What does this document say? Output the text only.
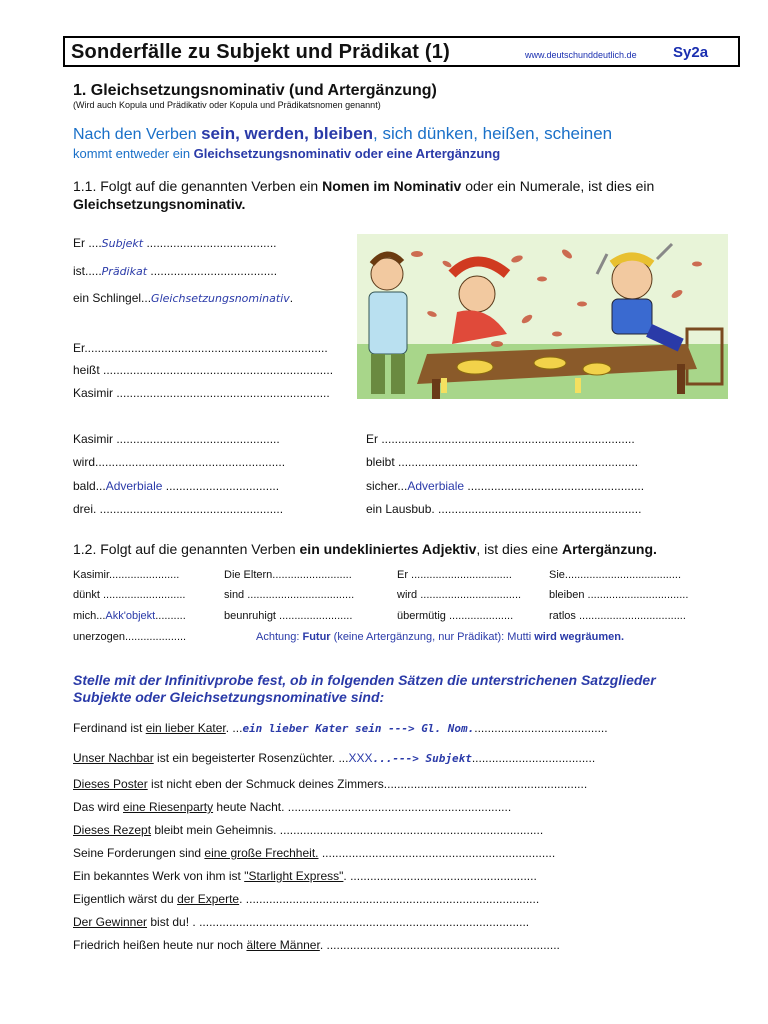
Sonderfälle zu Subjekt und Prädikat (1)	www.deutschunddeutlich.de Sy2a
1. Gleichsetzungsnominativ (und Artergänzung)
(Wird auch Kopula und Prädikativ oder Kopula und Prädikatsnomen genannt)
Nach den Verben sein, werden, bleiben, sich dünken, heißen, scheinen
kommt entweder ein Gleichsetzungsnominativ oder eine Artergänzung
1.1. Folgt auf die genannten Verben ein Nomen im Nominativ oder ein Numerale, ist dies ein
Gleichsetzungsnominativ.
Er ....Subjekt .......................................
ist.....Prädikat ......................................
ein Schlingel...Gleichsetzungsnominativ.
Er.........................................................................
heißt .....................................................................
Kasimir ................................................................
Kasimir .................................................
wird.........................................................
bald...Adverbiale ..................................
drei. .......................................................
Er ............................................................................
bleibt ........................................................................
sicher...Adverbiale .....................................................
ein Lausbub. .............................................................
1.2. Folgt auf die genannten Verben ein undekliniertes Adjektiv, ist dies eine Artergänzung.
Kasimir.......................
dünkt ...........................
mich...Akk'objekt..........
unerzogen....................
Die Eltern..........................
sind ...................................
beunruhigt ........................
Er .................................
wird .................................
übermütig .....................
Sie......................................
bleiben .................................
ratlos ...................................
Achtung: Futur (keine Artergänzung, nur Prädikat): Mutti wird wegräumen.
Stelle mit der Infinitivprobe fest, ob in folgenden Sätzen die unterstrichenen Satzglieder
Subjekte oder Gleichsetzungsnominative sind:
Ferdinand ist ein lieber Kater. ...ein lieber Kater sein ---> Gl. Nom.........................................
Unser Nachbar ist ein begeisterter Rosenzüchter. ...XXX...---> Subjekt.....................................
Dieses Poster ist nicht eben der Schmuck deines Zimmers.............................................................
Das wird eine Riesenparty heute Nacht. ...................................................................
Dieses Rezept bleibt mein Geheimnis. ...............................................................................
Seine Forderungen sind eine große Frechheit. ......................................................................
Ein bekanntes Werk von ihm ist "Starlight Express". ........................................................
Eigentlich wärst du der Experte. ........................................................................................
Der Gewinner bist du! . ...................................................................................................
Friedrich heißen heute nur noch ältere Männer. ......................................................................
